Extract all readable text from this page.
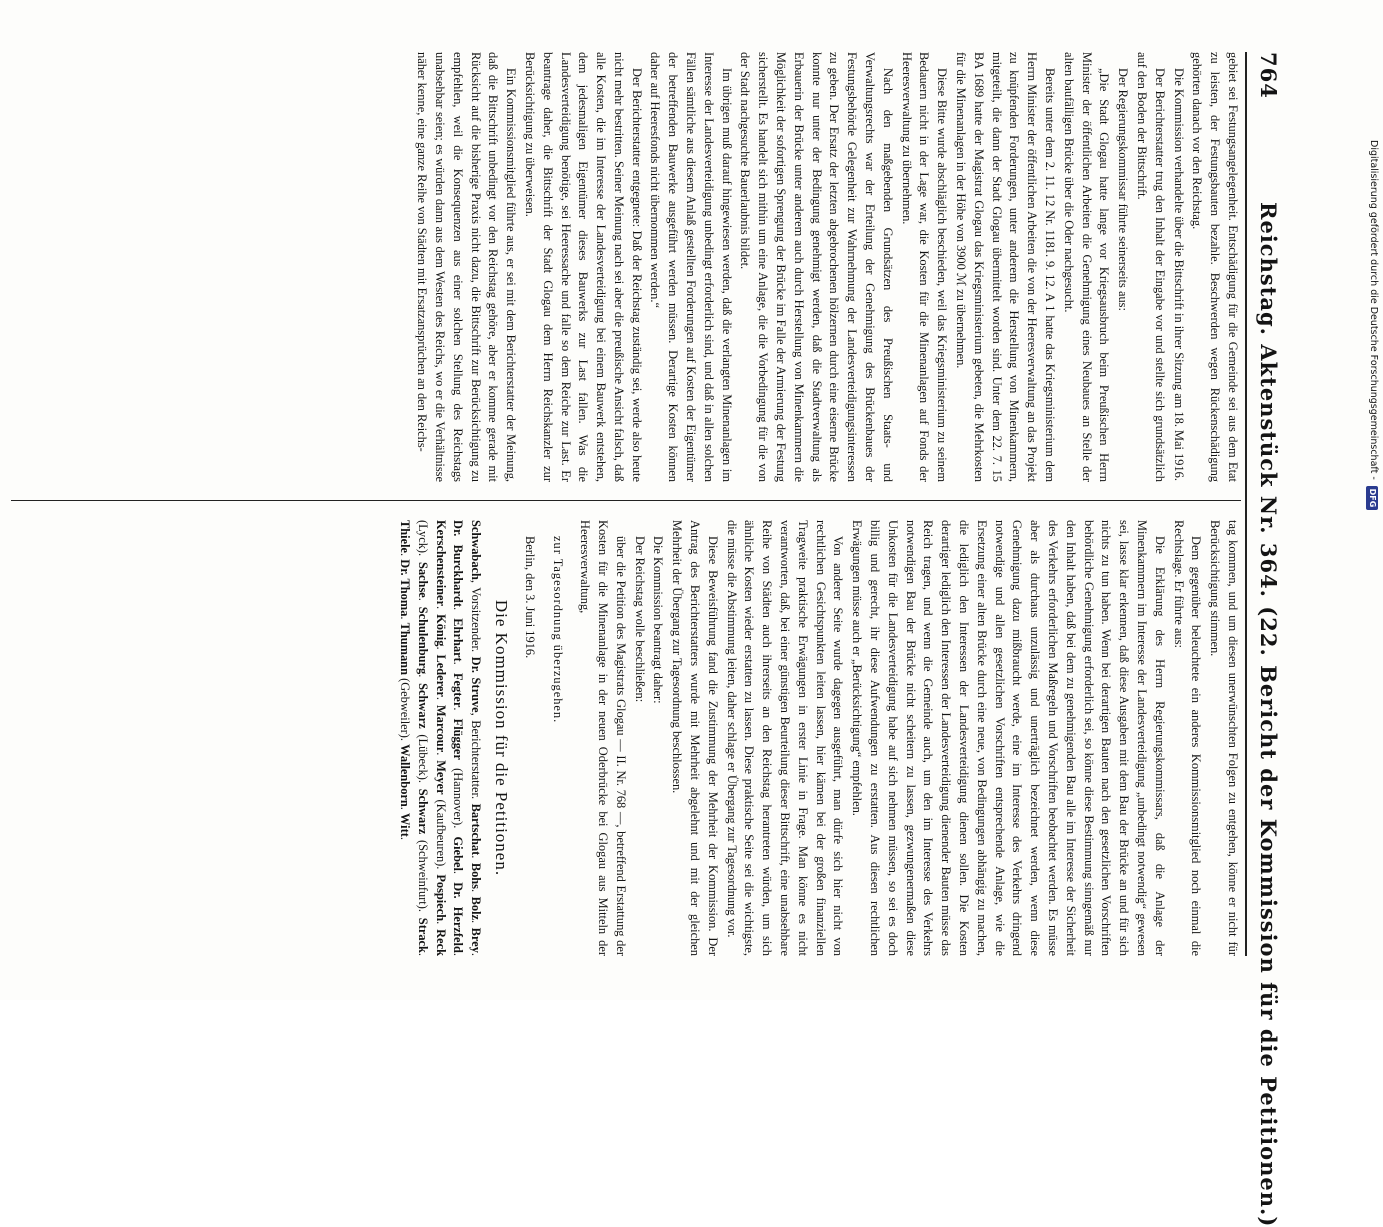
DFG
Digitalisierung gefördert durch die Deutsche Forschungsgemeinschaft -
764
Reichstag. Aktenstück Nr. 364. (22. Bericht der Kommission für die Petitionen.)

gebiet sei Festungsangelegenheit. Entschädigung für die Gemeinde sei aus dem Etat zu leisten, der Festungsbauten bezahle. Beschwerden wegen Rückenschädigung gehörten danach vor den Reichstag.

Die Kommission verhandelte über die Bittschrift in ihrer Sitzung am 18. Mai 1916.

Der Berichterstatter trug den Inhalt der Eingabe vor und stellte sich grundsätzlich auf den Boden der Bittschrift.

Der Regierungskommissar führte seinerseits aus:

„Die Stadt Glogau hatte lange vor Kriegsausbruch beim Preußischen Herrn Minister der öffentlichen Arbeiten die Genehmigung eines Neubaues an Stelle der alten baufälligen Brücke über die Oder nachgesucht.

Bereits unter dem 2. 11. 12 Nr. 1181. 9. 12. A 1 hatte das Kriegsministerium dem Herrn Minister der öffentlichen Arbeiten die von der Heeresverwaltung an das Projekt zu knüpfenden Forderungen, unter anderem die Herstellung von Minenkammern, mitgeteilt, die dann der Stadt Glogau übermittelt worden sind. Unter dem 22. 7. 15 BA 1689 hatte der Magistrat Glogau das Kriegsministerium gebeten, die Mehrkosten für die Minenanlagen in der Höhe von 3900 ℳ zu übernehmen.

Diese Bitte wurde abschläglich beschieden, weil das Kriegsministerium zu seinem Bedauern nicht in der Lage war, die Kosten für die Minenanlagen auf Fonds der Heeresverwaltung zu übernehmen.

Nach den maßgebenden Grundsätzen des Preußischen Staats- und Verwaltungsrechts war der Erteilung der Genehmigung des Brückenbaues der Festungsbehörde Gelegenheit zur Wahrnehmung der Landesverteidigungsinteressen zu geben. Der Ersatz der letzten abgebrochenen hölzernen durch eine eiserne Brücke konnte nur unter der Bedingung genehmigt werden, daß die Stadtverwaltung als Erbauerin der Brücke unter anderem auch durch Herstellung von Minenkammern die Möglichkeit der sofortigen Sprengung der Brücke im Falle der Armierung der Festung sicherstellt. Es handelt sich mithin um eine Anlage, die die Vorbedingung für die von der Stadt nachgesuchte Bauerlaubnis bildet.

Im übrigen muß darauf hingewiesen werden, daß die verlangten Minenanlagen im Interesse der Landesverteidigung unbedingt erforderlich sind, und daß in allen solchen Fällen sämtliche aus diesem Anlaß gestellten Forderungen auf Kosten der Eigentümer der betreffenden Bauwerke ausgeführt werden müssen. Derartige Kosten können daher auf Heeresfonds nicht übernommen werden.“

Der Berichterstatter entgegnete: Daß der Reichstag zuständig sei, werde also heute nicht mehr bestritten. Seiner Meinung nach sei aber die preußische Ansicht falsch, daß alle Kosten, die im Interesse der Landesverteidigung bei einem Bauwerk entstehen, dem jedesmaligen Eigentümer dieses Bauwerks zur Last fallen. Was die Landesverteidigung benötige, sei Heeressache und falle so dem Reiche zur Last. Er beantrage daher, die Bittschrift der Stadt Glogau dem Herrn Reichskanzler zur Berücksichtigung zu überweisen.

Ein Kommissionsmitglied führte aus, er sei mit dem Berichterstatter der Meinung, daß die Bittschrift unbedingt vor den Reichstag gehöre, aber er komme gerade mit Rücksicht auf die bisherige Praxis nicht dazu, die Bittschrift zur Berücksichtigung zu empfehlen, weil die Konsequenzen aus einer solchen Stellung des Reichstags unabsehbar seien; es würden dann aus dem Westen des Reichs, wo er die Verhältnisse näher kenne, eine ganze Reihe von Städten mit Ersatzansprüchen an den Reichs-

tag kommen, und um diesen unerwünschten Folgen zu entgehen, könne er nicht für Berücksichtigung stimmen.

Dem gegenüber beleuchtete ein anderes Kommissionsmitglied noch einmal die Rechtslage. Er führte aus:

Die Erklärung des Herrn Regierungskommissars, daß die Anlage der Minenkammern im Interesse der Landesverteidigung „unbedingt notwendig“ gewesen sei, lasse klar erkennen, daß diese Ausgaben mit dem Bau der Brücke an und für sich nichts zu tun haben. Wenn bei derartigen Bauten nach den gesetzlichen Vorschriften behördliche Genehmigung erforderlich sei, so könne diese Bestimmung sinngemäß nur den Inhalt haben, daß bei dem zu genehmigenden Bau alle im Interesse der Sicherheit des Verkehrs erforderlichen Maßregeln und Vorschriften beobachtet werden. Es müsse aber als durchaus unzulässig und unerträglich bezeichnet werden, wenn diese Genehmigung dazu mißbraucht werde, eine im Interesse des Verkehrs dringend notwendige und allen gesetzlichen Vorschriften entsprechende Anlage, wie die Ersetzung einer alten Brücke durch eine neue, von Bedingungen abhängig zu machen, die lediglich den Interessen der Landesverteidigung dienen sollen. Die Kosten derartiger lediglich den Interessen der Landesverteidigung dienender Bauten müsse das Reich tragen, und wenn die Gemeinde auch, um den im Interesse des Verkehrs notwendigen Bau der Brücke nicht scheitern zu lassen, gezwungenermaßen diese Unkosten für die Landesverteidigung habe auf sich nehmen müssen, so sei es doch billig und gerecht, ihr diese Aufwendungen zu erstatten. Aus diesen rechtlichen Erwägungen müsse auch er „Berücksichtigung“ empfehlen.

Von anderer Seite wurde dagegen ausgeführt, man dürfe sich hier nicht von rechtlichen Gesichtspunkten leiten lassen, hier kämen bei der großen finanziellen Tragweite praktische Erwägungen in erster Linie in Frage. Man könne es nicht verantworten, daß, bei einer günstigen Beurteilung dieser Bittschrift, eine unabsehbare Reihe von Städten auch ihrerseits an den Reichstag herantreten würden, um sich ähnliche Kosten wieder erstatten zu lassen. Diese praktische Seite sei die wichtigste, die müsse die Abstimmung leiten, daher schlage er Übergang zur Tagesordnung vor.

Diese Beweisführung fand die Zustimmung der Mehrheit der Kommission. Der Antrag des Berichterstatters wurde mit Mehrheit abgelehnt und mit der gleichen Mehrheit der Übergang zur Tagesordnung beschlossen.

Die Kommission beantragt daher:

Der Reichstag wolle beschließen:

über die Petition des Magistrats Glogau — II. Nr. 768 —, betreffend Erstattung der Kosten für die Minenanlage in der neuen Oderbrücke bei Glogau aus Mitteln der Heeresverwaltung,

zur Tagesordnung überzugehen.

Berlin, den 3. Juni 1916.

Die Kommission für die Petitionen.

Schwabach, Vorsitzender. Dr. Struve, Berichterstatter. Bartschat. Bohs. Bolz. Brey. Dr. Burckhardt. Ehrhart. Fegter. Flügger (Hannover). Giebel. Dr. Herzfeld. Kerschensteiner. König. Lederer. Marcour. Meyer (Kaufbeuren). Pospiech. Reck (Lyck). Sachse. Schulenburg. Schwarz (Lübeck). Schwarz (Schweinfurt). Strack. Thiele. Dr. Thoma. Thumann (Gebweiler). Wallenborn. Witt.
